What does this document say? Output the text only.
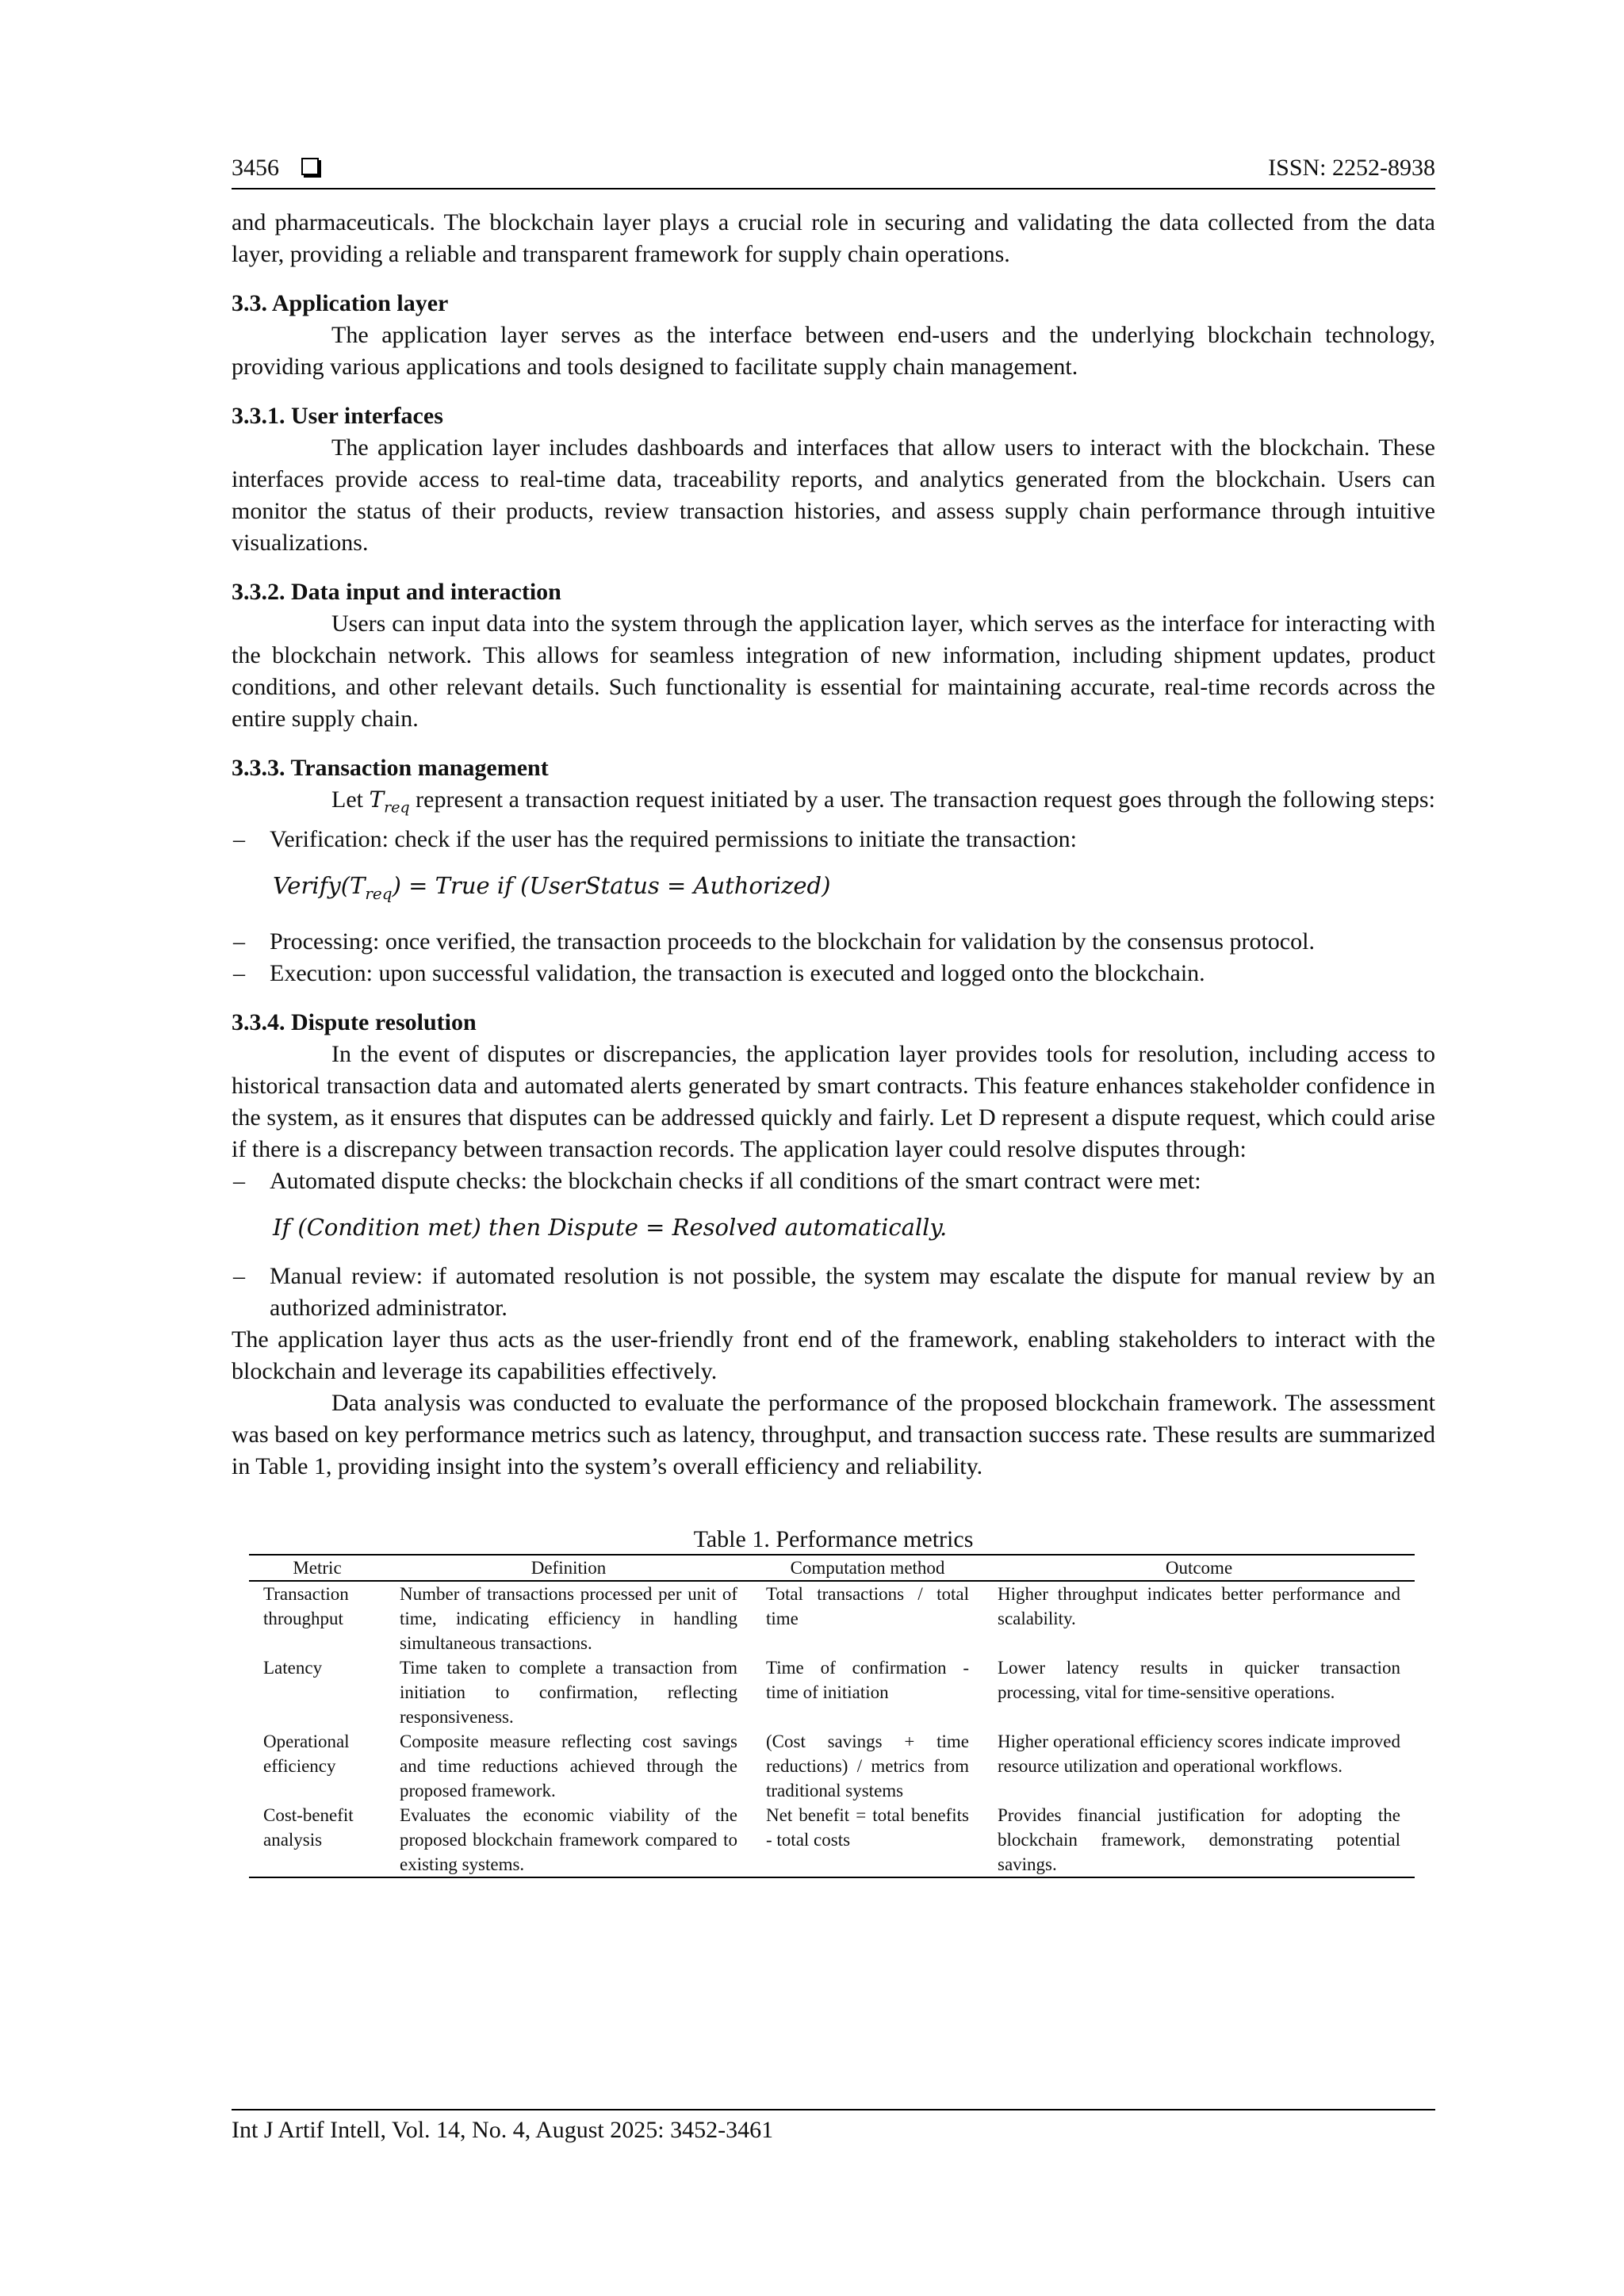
3456	ISSN: 2252-8938

and pharmaceuticals. The blockchain layer plays a crucial role in securing and validating the data collected from the data layer, providing a reliable and transparent framework for supply chain operations.

3.3. Application layer

The application layer serves as the interface between end-users and the underlying blockchain technology, providing various applications and tools designed to facilitate supply chain management.

3.3.1. User interfaces

The application layer includes dashboards and interfaces that allow users to interact with the blockchain. These interfaces provide access to real-time data, traceability reports, and analytics generated from the blockchain. Users can monitor the status of their products, review transaction histories, and assess supply chain performance through intuitive visualizations.

3.3.2. Data input and interaction

Users can input data into the system through the application layer, which serves as the interface for interacting with the blockchain network. This allows for seamless integration of new information, including shipment updates, product conditions, and other relevant details. Such functionality is essential for maintaining accurate, real-time records across the entire supply chain.

3.3.3. Transaction management

Let $T_{req}$ represent a transaction request initiated by a user. The transaction request goes through the following steps:

– Verification: check if the user has the required permissions to initiate the transaction:
$Verify(T_{req})$ = True if (UserStatus = Authorized)
– Processing: once verified, the transaction proceeds to the blockchain for validation by the consensus protocol.
– Execution: upon successful validation, the transaction is executed and logged onto the blockchain.
3.3.4. Dispute resolution

In the event of disputes or discrepancies, the application layer provides tools for resolution, including access to historical transaction data and automated alerts generated by smart contracts. This feature enhances stakeholder confidence in the system, as it ensures that disputes can be addressed quickly and fairly. Let D represent a dispute request, which could arise if there is a discrepancy between transaction records. The application layer could resolve disputes through:

– Automated dispute checks: the blockchain checks if all conditions of the smart contract were met:
If (Condition met) then Dispute = Resolved automatically.
– Manual review: if automated resolution is not possible, the system may escalate the dispute for manual review by an authorized administrator.

The application layer thus acts as the user-friendly front end of the framework, enabling stakeholders to interact with the blockchain and leverage its capabilities effectively.

Data analysis was conducted to evaluate the performance of the proposed blockchain framework. The assessment was based on key performance metrics such as latency, throughput, and transaction success rate. These results are summarized in Table 1, providing insight into the system’s overall efficiency and reliability.

Table 1. Performance metrics
Metric	Definition	Computation method	Outcome
Transaction throughput	Number of transactions processed per unit of time, indicating efficiency in handling simultaneous transactions.	Total transactions / total time	Higher throughput indicates better performance and scalability.
Latency	Time taken to complete a transaction from initiation to confirmation, reflecting responsiveness.	Time of confirmation - time of initiation	Lower latency results in quicker transaction processing, vital for time-sensitive operations.
Operational efficiency	Composite measure reflecting cost savings and time reductions achieved through the proposed framework.	(Cost savings + time reductions) / metrics from traditional systems	Higher operational efficiency scores indicate improved resource utilization and operational workflows.
Cost-benefit analysis	Evaluates the economic viability of the proposed blockchain framework compared to existing systems.	Net benefit = total benefits - total costs	Provides financial justification for adopting the blockchain framework, demonstrating potential savings.
Int J Artif Intell, Vol. 14, No. 4, August 2025: 3452-3461
